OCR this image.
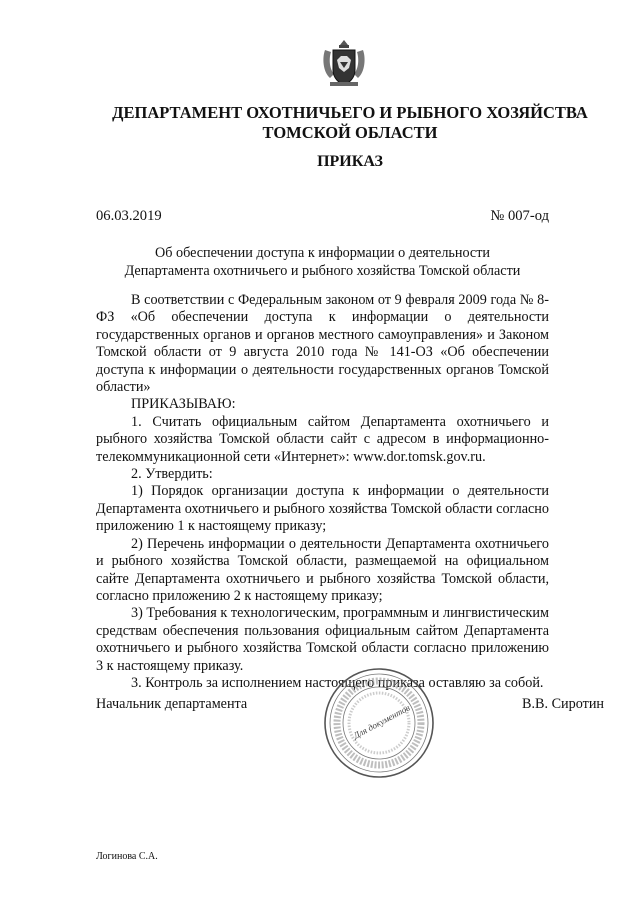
ДЕПАРТАМЕНТ ОХОТНИЧЬЕГО И РЫБНОГО ХОЗЯЙСТВА
ТОМСКОЙ ОБЛАСТИ
ПРИКАЗ
06.03.2019	№ 007-од
Об обеспечении доступа к информации о деятельности
Департамента охотничьего и рыбного хозяйства Томской области

В соответствии с Федеральным законом от 9 февраля 2009 года № 8-ФЗ «Об обеспечении доступа к информации о деятельности государственных органов и органов местного самоуправления» и Законом Томской области от 9 августа 2010 года № 141-ОЗ «Об обеспечении доступа к информации о деятельности государственных органов Томской области»

ПРИКАЗЫВАЮ:

1. Считать официальным сайтом Департамента охотничьего и рыбного хозяйства Томской области сайт с адресом в информационно-телекоммуникационной сети «Интернет»: www.dor.tomsk.gov.ru.

2. Утвердить:

1) Порядок организации доступа к информации о деятельности Департамента охотничьего и рыбного хозяйства Томской области согласно приложению 1 к настоящему приказу;

2) Перечень информации о деятельности Департамента охотничьего и рыбного хозяйства Томской области, размещаемой на официальном сайте Департамента охотничьего и рыбного хозяйства Томской области, согласно приложению 2 к настоящему приказу;

3) Требования к технологическим, программным и лингвистическим средствам обеспечения пользования официальным сайтом Департамента охотничьего и рыбного хозяйства Томской области согласно приложению 3 к настоящему приказу.

3. Контроль за исполнением настоящего приказа оставляю за собой.

Начальник департамента	Для документов	В.В. Сиротин
Логинова С.А.
